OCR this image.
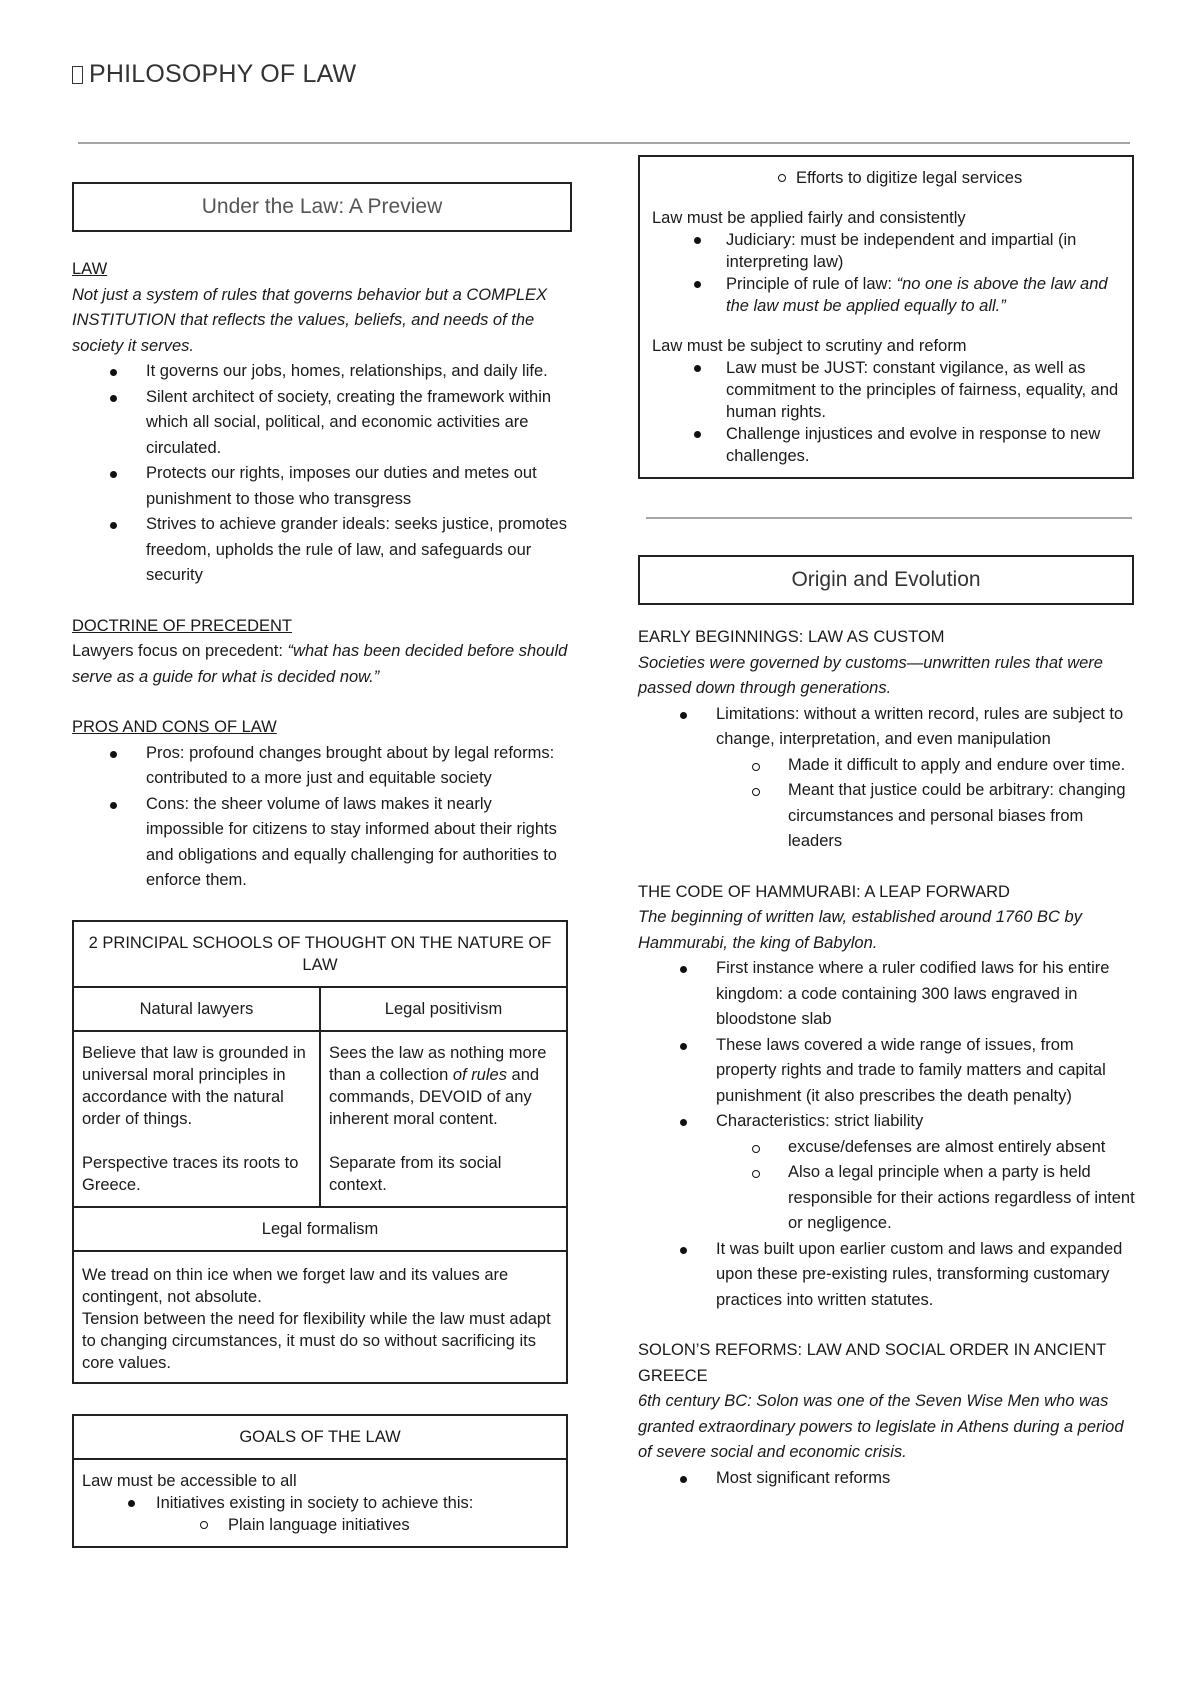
PHILOSOPHY OF LAW
Under the Law: A Preview

LAW

Not just a system of rules that governs behavior but a COMPLEX INSTITUTION that reflects the values, beliefs, and needs of the society it serves.

It governs our jobs, homes, relationships, and daily life.
Silent architect of society, creating the framework within which all social, political, and economic activities are circulated.
Protects our rights, imposes our duties and metes out punishment to those who transgress
Strives to achieve grander ideals: seeks justice, promotes freedom, upholds the rule of law, and safeguards our security

DOCTRINE OF PRECEDENT

Lawyers focus on precedent: “what has been decided before should serve as a guide for what is decided now.”

PROS AND CONS OF LAW

Pros: profound changes brought about by legal reforms: contributed to a more just and equitable society
Cons: the sheer volume of laws makes it nearly impossible for citizens to stay informed about their rights and obligations and equally challenging for authorities to enforce them.
2 PRINCIPAL SCHOOLS OF THOUGHT ON THE NATURE OF LAW
Natural lawyers	Legal positivism

Believe that law is grounded in universal moral principles in accordance with the natural order of things.

Perspective traces its roots to Greece.

Sees the law as nothing more than a collection of rules and commands, DEVOID of any inherent moral content.

Separate from its social context.

Legal formalism

We tread on thin ice when we forget law and its values are contingent, not absolute.

Tension between the need for flexibility while the law must adapt to changing circumstances, it must do so without sacrificing its core values.

GOALS OF THE LAW

Law must be accessible to all

Initiatives existing in society to achieve this:
Plain language initiatives

Efforts to digitize legal services

Law must be applied fairly and consistently

Judiciary: must be independent and impartial (in interpreting law)
Principle of rule of law: “no one is above the law and the law must be applied equally to all.”

Law must be subject to scrutiny and reform

Law must be JUST: constant vigilance, as well as commitment to the principles of fairness, equality, and human rights.
Challenge injustices and evolve in response to new challenges.
Origin and Evolution

EARLY BEGINNINGS: LAW AS CUSTOM

Societies were governed by customs—unwritten rules that were passed down through generations.

Limitations: without a written record, rules are subject to change, interpretation, and even manipulation
Made it difficult to apply and endure over time.
Meant that justice could be arbitrary: changing circumstances and personal biases from leaders

THE CODE OF HAMMURABI: A LEAP FORWARD

The beginning of written law, established around 1760 BC by Hammurabi, the king of Babylon.

First instance where a ruler codified laws for his entire kingdom: a code containing 300 laws engraved in bloodstone slab
These laws covered a wide range of issues, from property rights and trade to family matters and capital punishment (it also prescribes the death penalty)
Characteristics: strict liability
excuse/defenses are almost entirely absent
Also a legal principle when a party is held responsible for their actions regardless of intent or negligence.
It was built upon earlier custom and laws and expanded upon these pre-existing rules, transforming customary practices into written statutes.

SOLON’S REFORMS: LAW AND SOCIAL ORDER IN ANCIENT GREECE

6th century BC: Solon was one of the Seven Wise Men who was granted extraordinary powers to legislate in Athens during a period of severe social and economic crisis.

Most significant reforms
